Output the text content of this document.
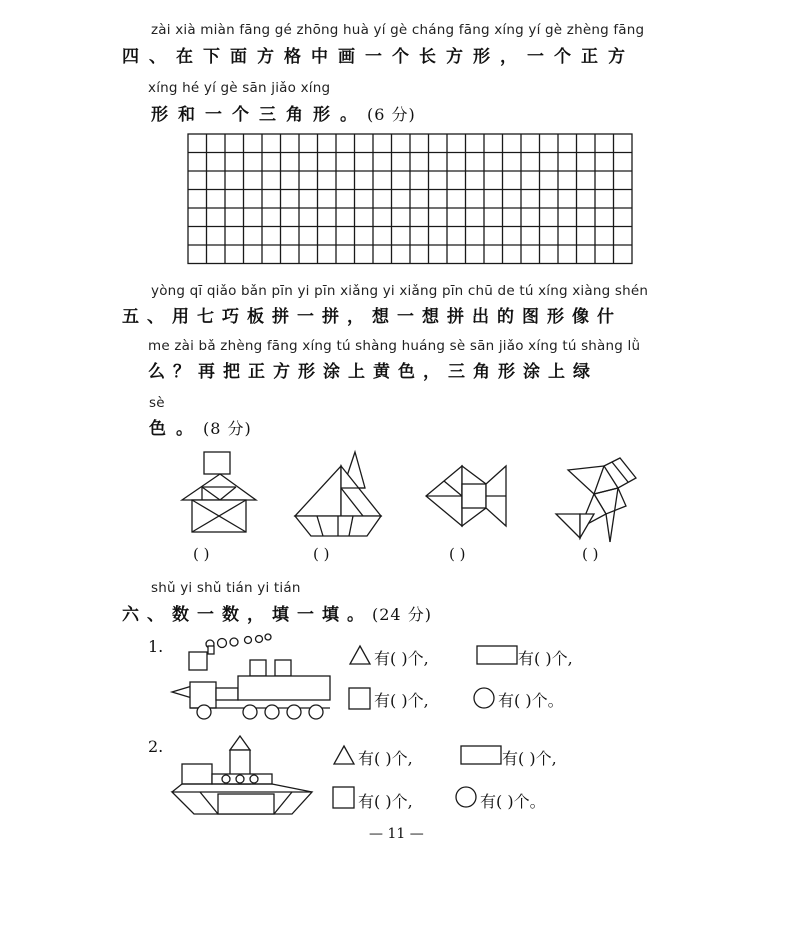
zài xià miàn fāng gé zhōng huà yí gè cháng fāng xíng yí gè zhèng fāng
四、在下面方格中画一个长方形，一个正方
xíng hé yí gè sān jiǎo xíng
形和一个三角形。(6 分)
yòng qī qiǎo bǎn pīn yi pīn xiǎng yi xiǎng pīn chū de tú xíng xiàng shén
五、用七巧板拼一拼，想一想拼出的图形像什
me zài bǎ zhèng fāng xíng tú shàng huáng sè sān jiǎo xíng tú shàng lǜ
么？再把正方形涂上黄色，三角形涂上绿
sè
色。(8 分)
( )	( )	( )	( )
shǔ yi shǔ tián yi tián
六、数一数，填一填。(24 分)
1.
有( )个,	有( )个,
有( )个,	有( )个。
2.
有( )个,	有( )个,
有( )个,	有( )个。
— 11 —
